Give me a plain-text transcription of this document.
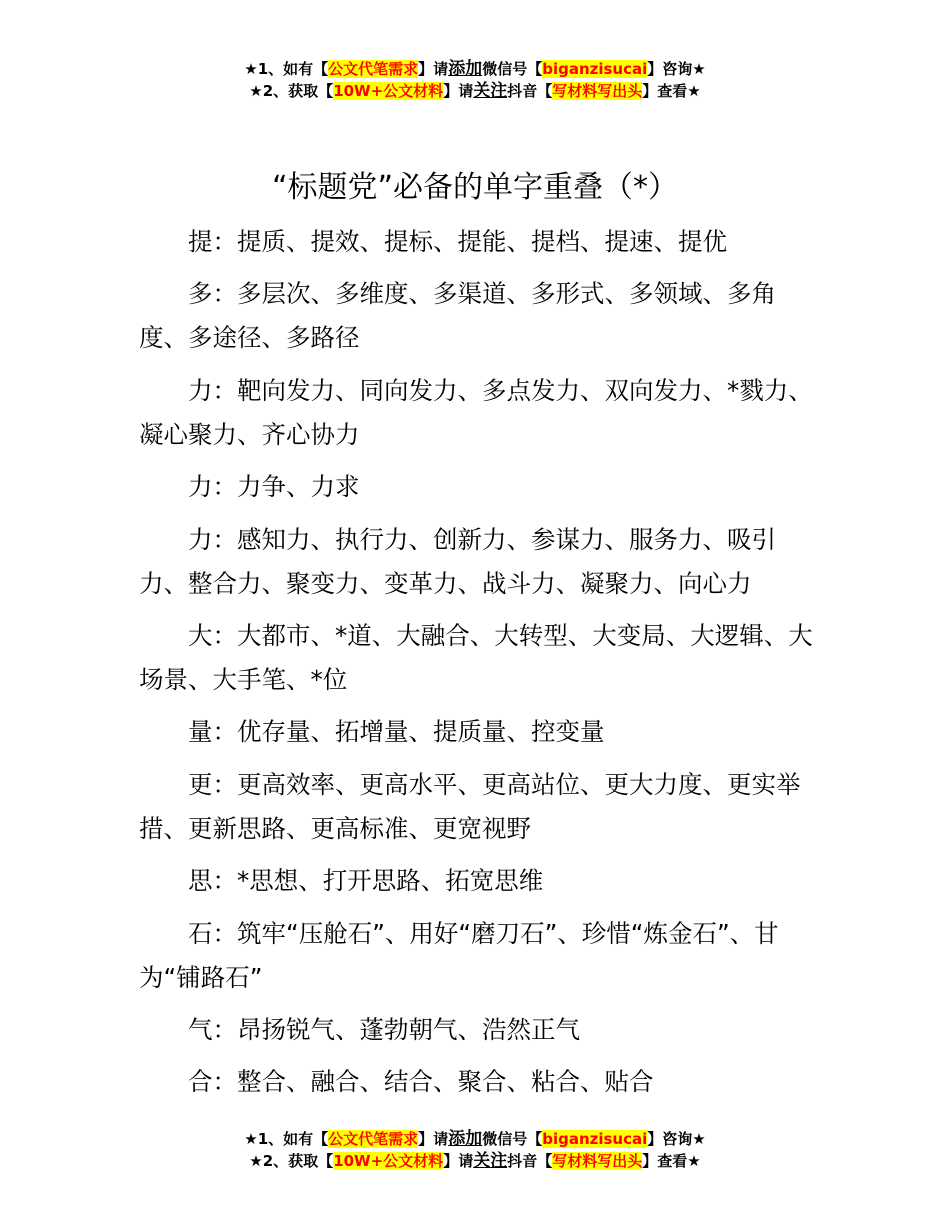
★1、如有【公文代笔需求】请添加微信号【biganzisucai】咨询★
★2、获取【10W+公文材料】请关注抖音【写材料写出头】查看★
“标题党”必备的单字重叠（*）

提：提质、提效、提标、提能、提档、提速、提优

多：多层次、多维度、多渠道、多形式、多领域、多角度、多途径、多路径

力：靶向发力、同向发力、多点发力、双向发力、*戮力、凝心聚力、齐心协力

力：力争、力求

力：感知力、执行力、创新力、参谋力、服务力、吸引力、整合力、聚变力、变革力、战斗力、凝聚力、向心力

大：大都市、*道、大融合、大转型、大变局、大逻辑、大场景、大手笔、*位

量：优存量、拓增量、提质量、控变量

更：更高效率、更高水平、更高站位、更大力度、更实举措、更新思路、更高标准、更宽视野

思：*思想、打开思路、拓宽思维

石：筑牢“压舱石”、用好“磨刀石”、珍惜“炼金石”、甘为“铺路石”

气：昂扬锐气、蓬勃朝气、浩然正气

合：整合、融合、结合、聚合、粘合、贴合

★1、如有【公文代笔需求】请添加微信号【biganzisucai】咨询★
★2、获取【10W+公文材料】请关注抖音【写材料写出头】查看★
